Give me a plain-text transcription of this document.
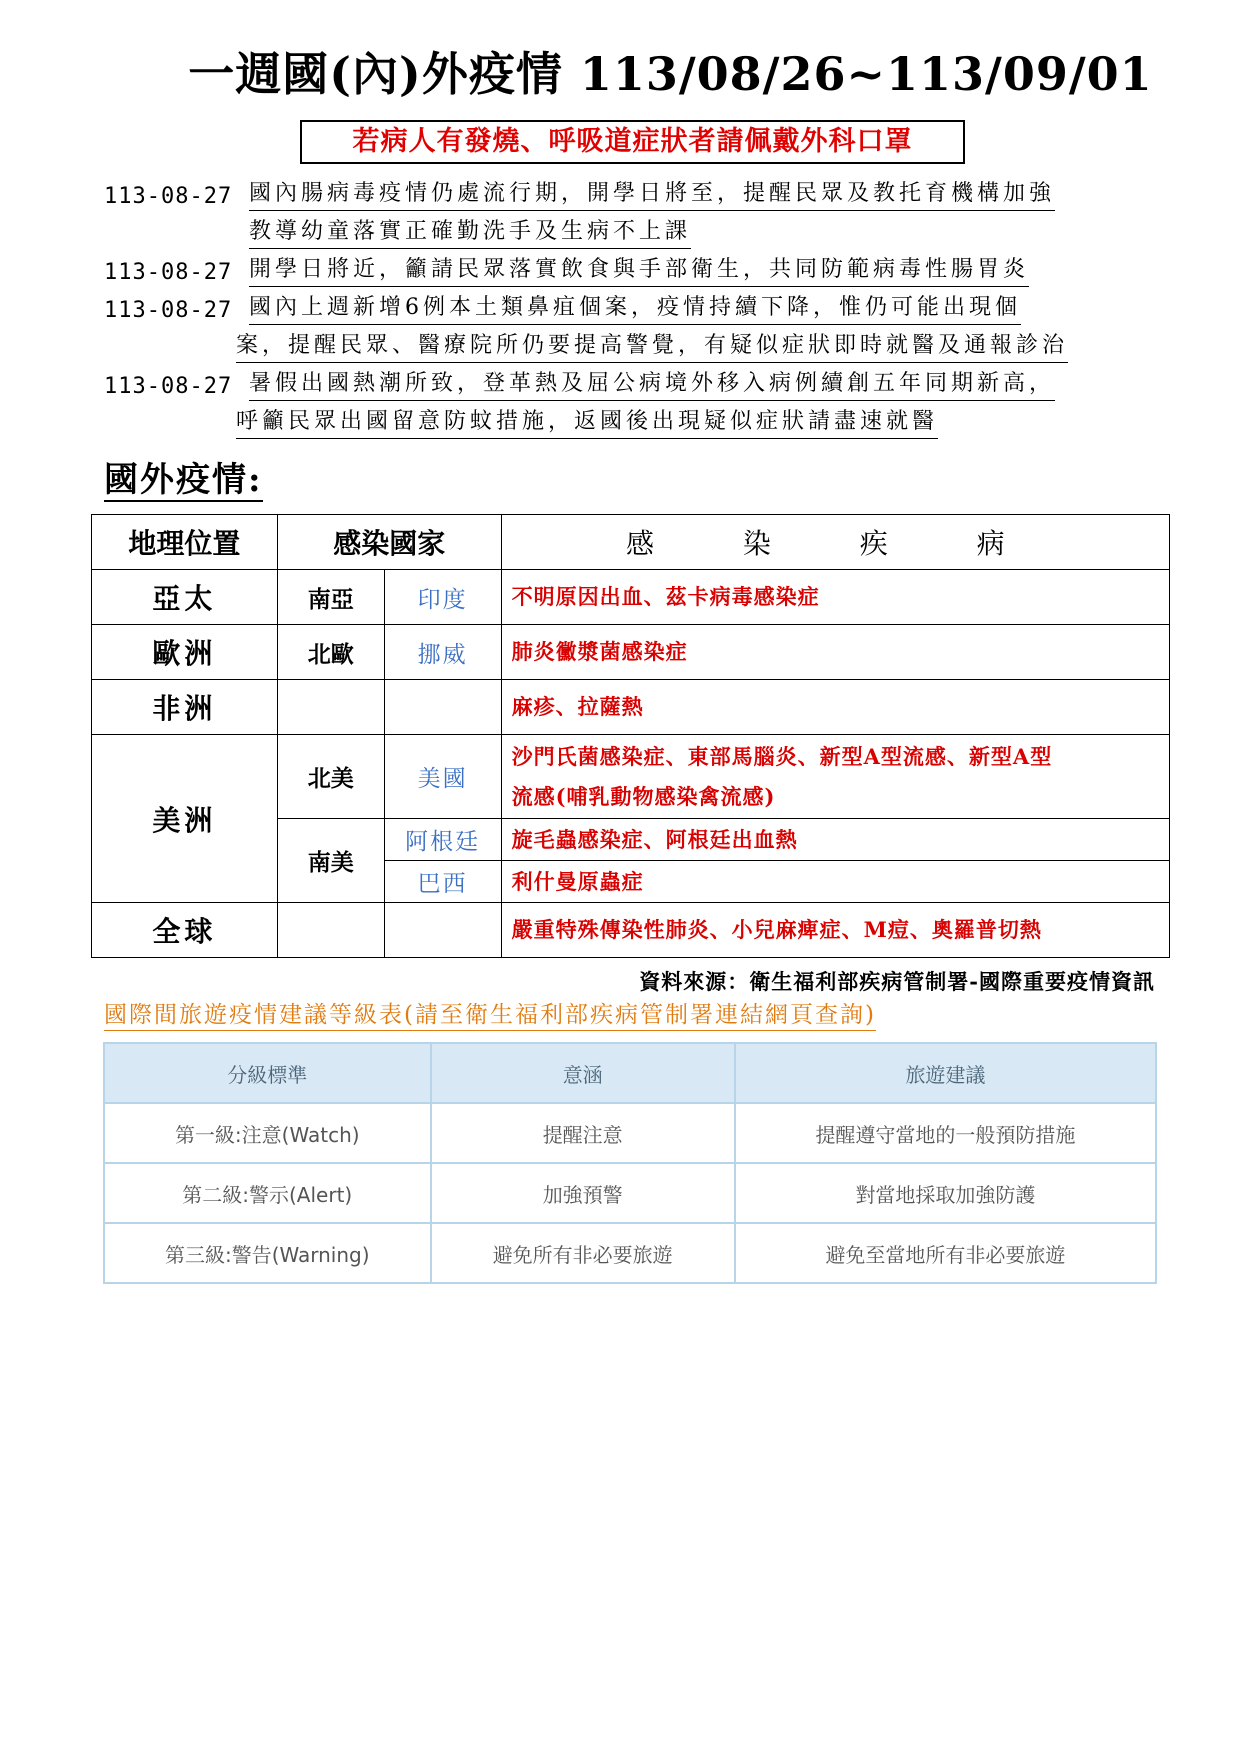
一週國(內)外疫情 113/08/26~113/09/01
若病人有發燒、呼吸道症狀者請佩戴外科口罩
113-08-27 國內腸病毒疫情仍處流行期，開學日將至，提醒民眾及教托育機構加強
教導幼童落實正確勤洗手及生病不上課
113-08-27 開學日將近，籲請民眾落實飲食與手部衛生，共同防範病毒性腸胃炎
113-08-27 國內上週新增6例本土類鼻疽個案，疫情持續下降，惟仍可能出現個
案，提醒民眾、醫療院所仍要提高警覺，有疑似症狀即時就醫及通報診治
113-08-27 暑假出國熱潮所致，登革熱及屈公病境外移入病例續創五年同期新高，
呼籲民眾出國留意防蚊措施，返國後出現疑似症狀請盡速就醫
國外疫情:
地理位置	感染國家		感 染 疾 病
亞太	南亞	印度	不明原因出血、茲卡病毒感染症
歐洲	北歐	挪威	肺炎黴漿菌感染症
非洲			麻疹、拉薩熱
美洲	北美	美國	沙門氏菌感染症、東部馬腦炎、新型A型流感、新型A型
流感(哺乳動物感染禽流感)

	南美	阿根廷	旋毛蟲感染症、阿根廷出血熱
		巴西	利什曼原蟲症
全球			嚴重特殊傳染性肺炎、小兒麻痺症、M痘、奧羅普切熱
資料來源：衛生福利部疾病管制署-國際重要疫情資訊
國際間旅遊疫情建議等級表(請至衛生福利部疾病管制署連結網頁查詢)
分級標準	意涵	旅遊建議
第一級:注意(Watch)	提醒注意	提醒遵守當地的一般預防措施
第二級:警示(Alert)	加強預警	對當地採取加強防護
第三級:警告(Warning)	避免所有非必要旅遊	避免至當地所有非必要旅遊
